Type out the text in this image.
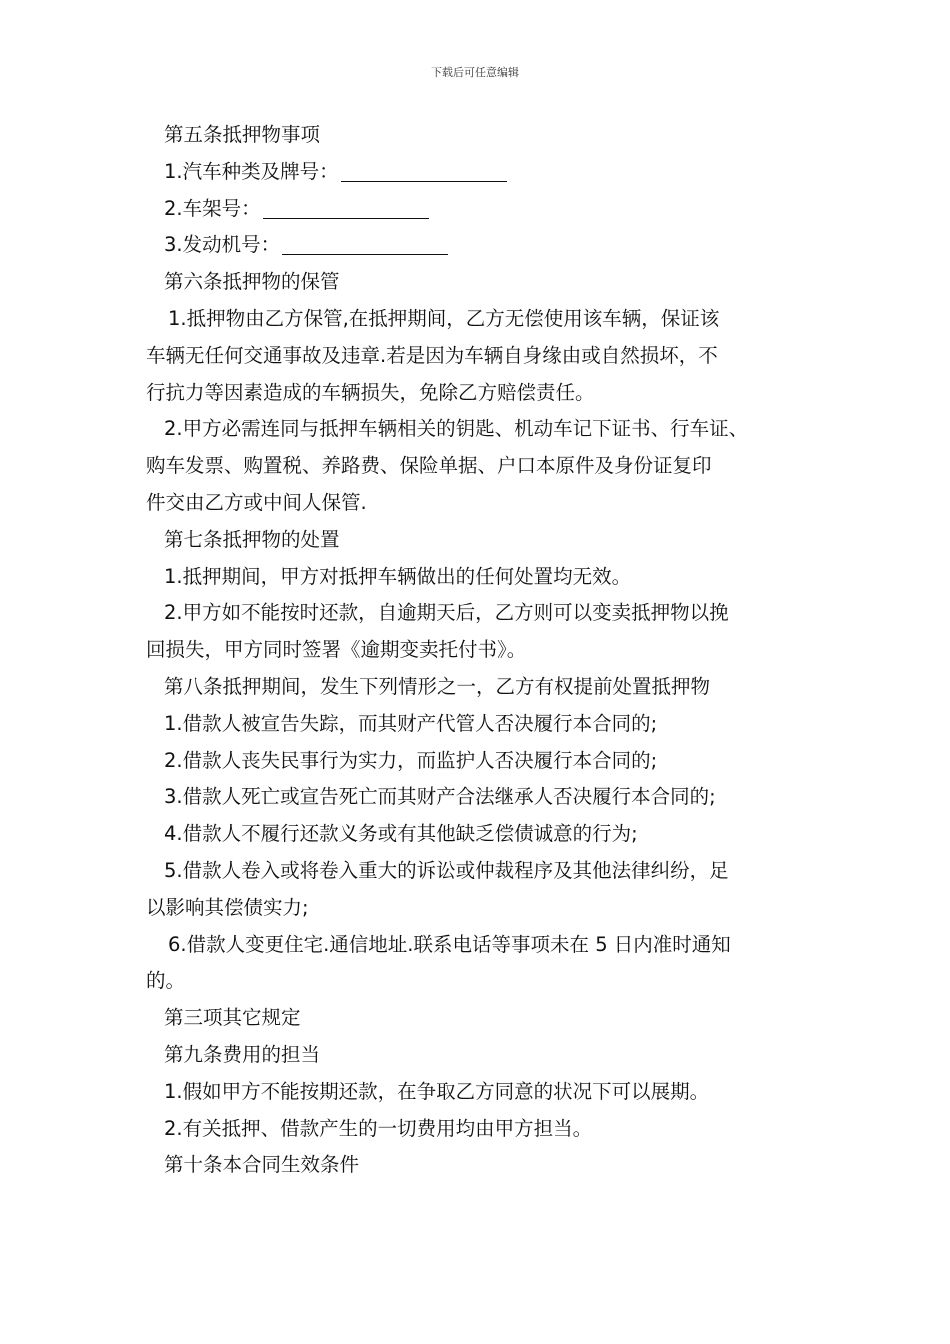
下载后可任意编辑

第五条抵押物事项

1.汽车种类及牌号：

2.车架号：

3.发动机号：

第六条抵押物的保管

1.抵押物由乙方保管,在抵押期间，乙方无偿使用该车辆，保证该

车辆无任何交通事故及违章.若是因为车辆自身缘由或自然损坏，不

行抗力等因素造成的车辆损失，免除乙方赔偿责任。

2.甲方必需连同与抵押车辆相关的钥匙、机动车记下证书、行车证、

购车发票、购置税、养路费、保险单据、户口本原件及身份证复印

件交由乙方或中间人保管.

第七条抵押物的处置

1.抵押期间，甲方对抵押车辆做出的任何处置均无效。

2.甲方如不能按时还款，自逾期天后，乙方则可以变卖抵押物以挽

回损失，甲方同时签署《逾期变卖托付书》。

第八条抵押期间，发生下列情形之一，乙方有权提前处置抵押物

1.借款人被宣告失踪，而其财产代管人否决履行本合同的;

2.借款人丧失民事行为实力，而监护人否决履行本合同的;

3.借款人死亡或宣告死亡而其财产合法继承人否决履行本合同的;

4.借款人不履行还款义务或有其他缺乏偿债诚意的行为;

5.借款人卷入或将卷入重大的诉讼或仲裁程序及其他法律纠纷，足

以影响其偿债实力;

6.借款人变更住宅.通信地址.联系电话等事项未在 5 日内准时通知

的。

第三项其它规定

第九条费用的担当

1.假如甲方不能按期还款，在争取乙方同意的状况下可以展期。

2.有关抵押、借款产生的一切费用均由甲方担当。

第十条本合同生效条件
